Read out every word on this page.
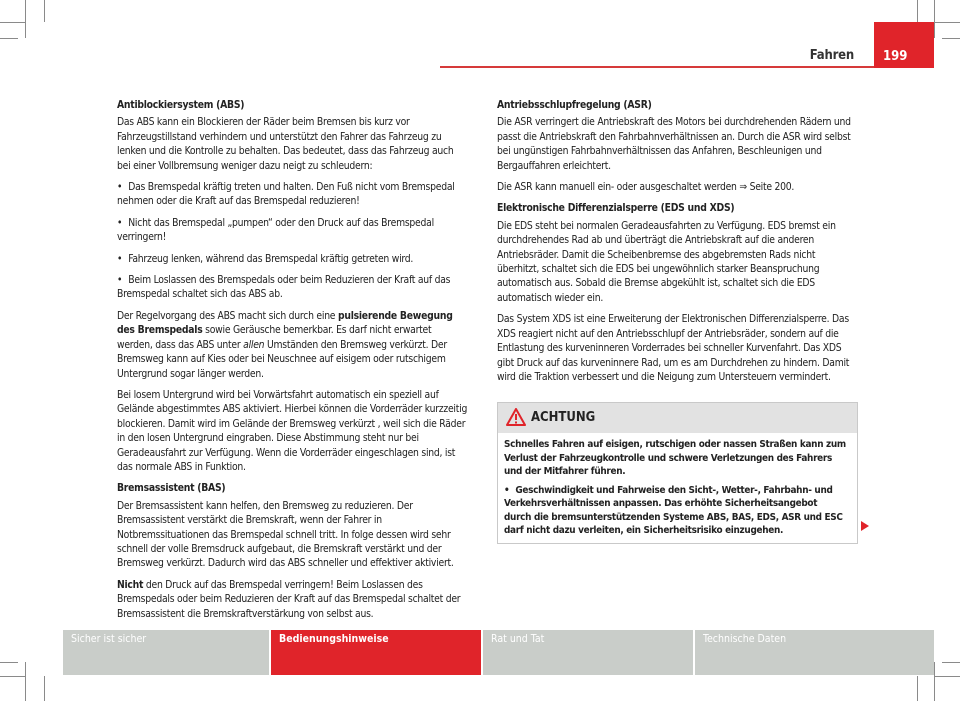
Fahren 199
Antiblockiersystem (ABS)

Das ABS kann ein Blockieren der Räder beim Bremsen bis kurz vor Fahrzeugstillstand verhindern und unterstützt den Fahrer das Fahrzeug zu lenken und die Kontrolle zu behalten. Das bedeutet, dass das Fahrzeug auch bei einer Vollbremsung weniger dazu neigt zu schleudern:

• Das Bremspedal kräftig treten und halten. Den Fuß nicht vom Bremspedal nehmen oder die Kraft auf das Bremspedal reduzieren!
• Nicht das Bremspedal „pumpen“ oder den Druck auf das Bremspedal verringern!
• Fahrzeug lenken, während das Bremspedal kräftig getreten wird.
• Beim Loslassen des Bremspedals oder beim Reduzieren der Kraft auf das Bremspedal schaltet sich das ABS ab.

Der Regelvorgang des ABS macht sich durch eine pulsierende Bewegung des Bremspedals sowie Geräusche bemerkbar. Es darf nicht erwartet werden, dass das ABS unter allen Umständen den Bremsweg verkürzt. Der Bremsweg kann auf Kies oder bei Neuschnee auf eisigem oder rutschigem Untergrund sogar länger werden.

Bei losem Untergrund wird bei Vorwärtsfahrt automatisch ein speziell auf Gelände abgestimmtes ABS aktiviert. Hierbei können die Vorderräder kurzzeitig blockieren. Damit wird im Gelände der Bremsweg verkürzt , weil sich die Räder in den losen Untergrund eingraben. Diese Abstimmung steht nur bei Geradeausfahrt zur Verfügung. Wenn die Vorderräder eingeschlagen sind, ist das normale ABS in Funktion.

Bremsassistent (BAS)

Der Bremsassistent kann helfen, den Bremsweg zu reduzieren. Der Bremsassistent verstärkt die Bremskraft, wenn der Fahrer in Notbremssituationen das Bremspedal schnell tritt. In folge dessen wird sehr schnell der volle Bremsdruck aufgebaut, die Bremskraft verstärkt und der Bremsweg verkürzt. Dadurch wird das ABS schneller und effektiver aktiviert.

Nicht den Druck auf das Bremspedal verringern! Beim Loslassen des Bremspedals oder beim Reduzieren der Kraft auf das Bremspedal schaltet der Bremsassistent die Bremskraftverstärkung von selbst aus.

Antriebsschlupfregelung (ASR)

Die ASR verringert die Antriebskraft des Motors bei durchdrehenden Rädern und passt die Antriebskraft den Fahrbahnverhältnissen an. Durch die ASR wird selbst bei ungünstigen Fahrbahnverhältnissen das Anfahren, Beschleunigen und Bergauffahren erleichtert.

Die ASR kann manuell ein- oder ausgeschaltet werden ⇒ Seite 200.

Elektronische Differenzialsperre (EDS und XDS)

Die EDS steht bei normalen Geradeausfahrten zu Verfügung. EDS bremst ein durchdrehendes Rad ab und überträgt die Antriebskraft auf die anderen Antriebsräder. Damit die Scheibenbremse des abgebremsten Rads nicht überhitzt, schaltet sich die EDS bei ungewöhnlich starker Beanspruchung automatisch aus. Sobald die Bremse abgekühlt ist, schaltet sich die EDS automatisch wieder ein.

Das System XDS ist eine Erweiterung der Elektronischen Differenzialsperre. Das XDS reagiert nicht auf den Antriebsschlupf der Antriebsräder, sondern auf die Entlastung des kurveninneren Vorderrades bei schneller Kurvenfahrt. Das XDS gibt Druck auf das kurveninnere Rad, um es am Durchdrehen zu hindern. Damit wird die Traktion verbessert und die Neigung zum Untersteuern vermindert.

ACHTUNG

Schnelles Fahren auf eisigen, rutschigen oder nassen Straßen kann zum Verlust der Fahrzeugkontrolle und schwere Verletzungen des Fahrers und der Mitfahrer führen.

• Geschwindigkeit und Fahrweise den Sicht-, Wetter-, Fahrbahn- und Verkehrsverhältnissen anpassen. Das erhöhte Sicherheitsangebot durch die bremsunterstützenden Systeme ABS, BAS, EDS, ASR und ESC darf nicht dazu verleiten, ein Sicherheitsrisiko einzugehen.

Sicher ist sicher	Bedienungshinweise	Rat und Tat	Technische Daten
